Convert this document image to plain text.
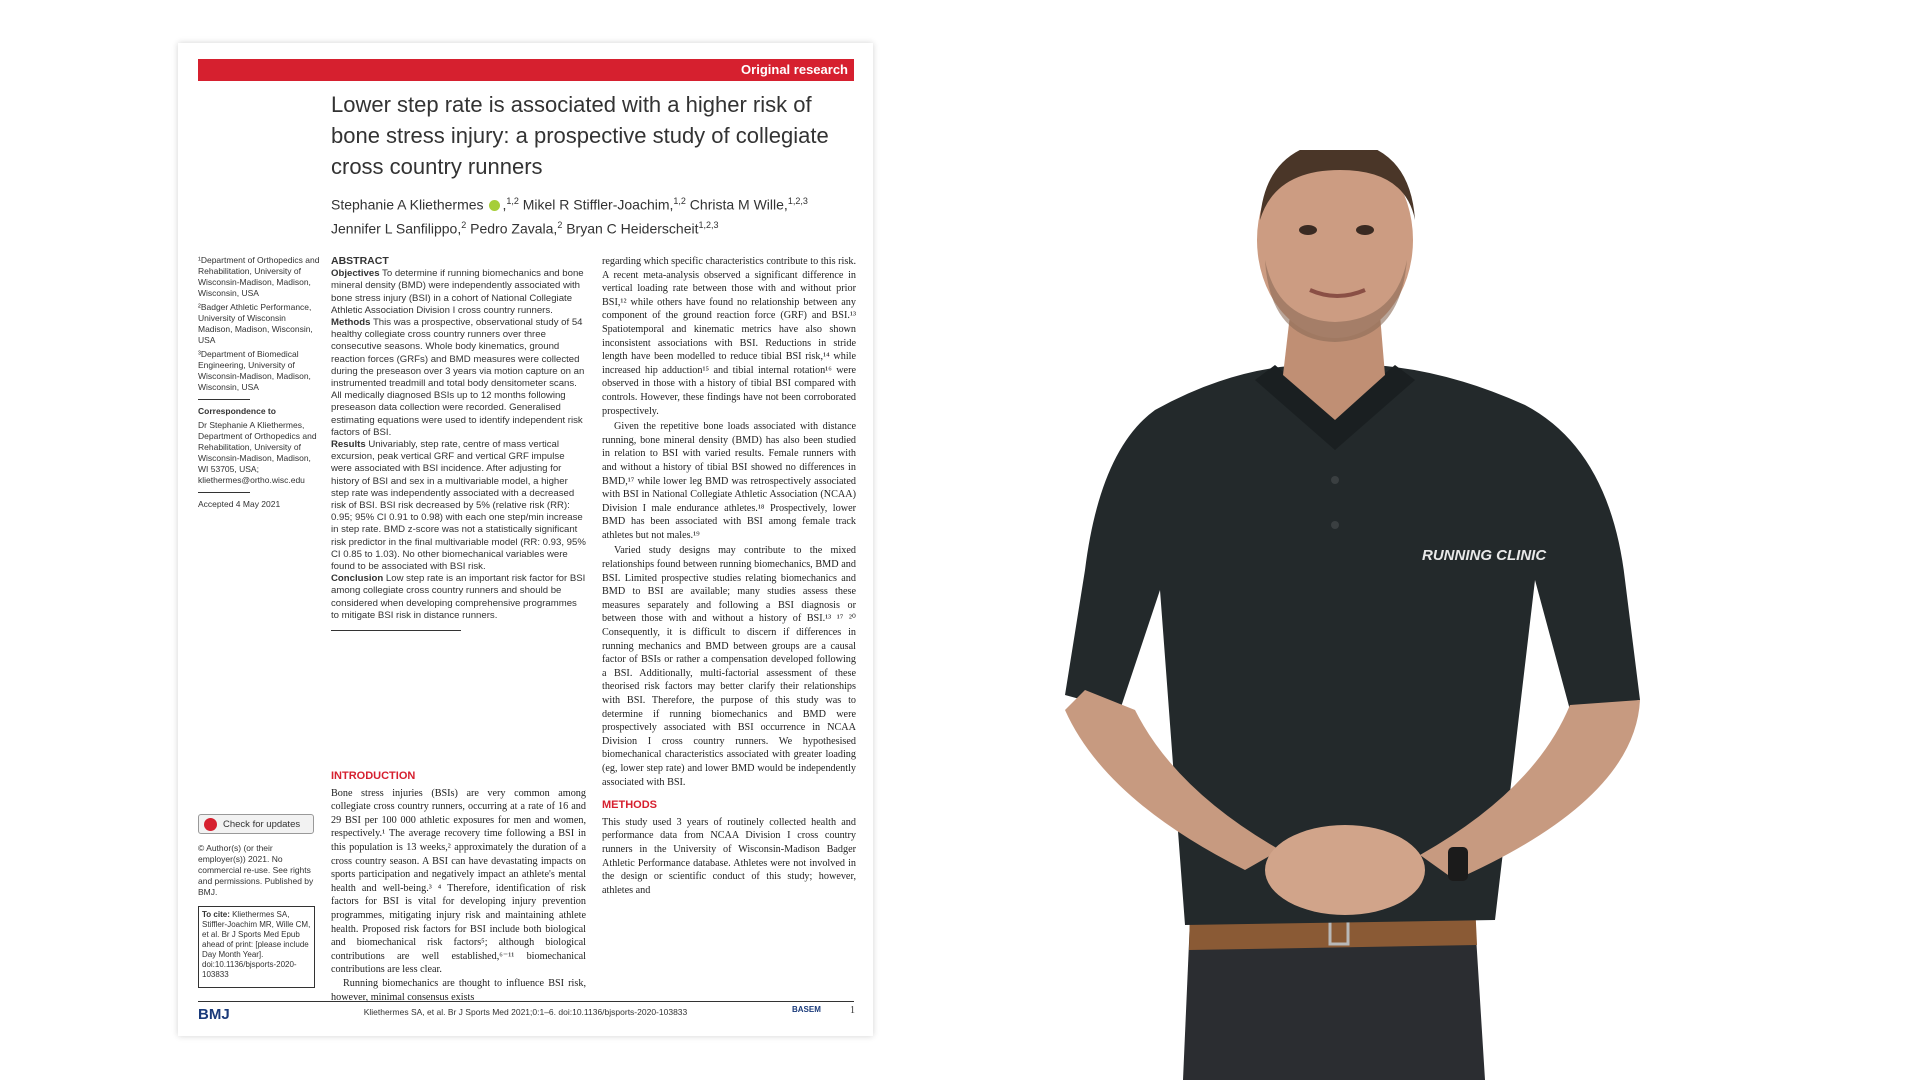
Original research
Lower step rate is associated with a higher risk of bone stress injury: a prospective study of collegiate cross country runners
Stephanie A Kliethermes ,$^{1,2}$ Mikel R Stiffler-Joachim,$^{1,2}$ Christa M Wille,$^{1,2,3}$
Jennifer L Sanfilippo,$^2$ Pedro Zavala,$^2$ Bryan C Heiderscheit$^{1,2,3}$

¹Department of Orthopedics and Rehabilitation, University of Wisconsin-Madison, Madison, Wisconsin, USA

²Badger Athletic Performance, University of Wisconsin Madison, Madison, Wisconsin, USA

³Department of Biomedical Engineering, University of Wisconsin-Madison, Madison, Wisconsin, USA

Correspondence to

Dr Stephanie A Kliethermes, Department of Orthopedics and Rehabilitation, University of Wisconsin-Madison, Madison, WI 53705, USA; kliethermes@ortho.wisc.edu

Accepted 4 May 2021

Check for updates

© Author(s) (or their employer(s)) 2021. No commercial re-use. See rights and permissions. Published by BMJ.

To cite: Kliethermes SA, Stiffler-Joachim MR, Wille CM, et al. Br J Sports Med Epub ahead of print: [please include Day Month Year]. doi:10.1136/bjsports-2020-103833
ABSTRACT

Objectives To determine if running biomechanics and bone mineral density (BMD) were independently associated with bone stress injury (BSI) in a cohort of National Collegiate Athletic Association Division I cross country runners.

Methods This was a prospective, observational study of 54 healthy collegiate cross country runners over three consecutive seasons. Whole body kinematics, ground reaction forces (GRFs) and BMD measures were collected during the preseason over 3 years via motion capture on an instrumented treadmill and total body densitometer scans. All medically diagnosed BSIs up to 12 months following preseason data collection were recorded. Generalised estimating equations were used to identify independent risk factors of BSI.

Results Univariably, step rate, centre of mass vertical excursion, peak vertical GRF and vertical GRF impulse were associated with BSI incidence. After adjusting for history of BSI and sex in a multivariable model, a higher step rate was independently associated with a decreased risk of BSI. BSI risk decreased by 5% (relative risk (RR): 0.95; 95% CI 0.91 to 0.98) with each one step/min increase in step rate. BMD z-score was not a statistically significant risk predictor in the final multivariable model (RR: 0.93, 95% CI 0.85 to 1.03). No other biomechanical variables were found to be associated with BSI risk.

Conclusion Low step rate is an important risk factor for BSI among collegiate cross country runners and should be considered when developing comprehensive programmes to mitigate BSI risk in distance runners.

INTRODUCTION

Bone stress injuries (BSIs) are very common among collegiate cross country runners, occurring at a rate of 16 and 29 BSI per 100 000 athletic exposures for men and women, respectively.¹ The average recovery time following a BSI in this population is 13 weeks,² approximately the duration of a cross country season. A BSI can have devastating impacts on sports participation and negatively impact an athlete's mental health and well-being.³ ⁴ Therefore, identification of risk factors for BSI is vital for developing injury prevention programmes, mitigating injury risk and maintaining athlete health. Proposed risk factors for BSI include both biological and biomechanical risk factors⁵; although biological contributions are well established,⁶⁻¹¹ biomechanical contributions are less clear.

Running biomechanics are thought to influence BSI risk, however, minimal consensus exists

regarding which specific characteristics contribute to this risk. A recent meta-analysis observed a significant difference in vertical loading rate between those with and without prior BSI,¹² while others have found no relationship between any component of the ground reaction force (GRF) and BSI.¹³ Spatiotemporal and kinematic metrics have also shown inconsistent associations with BSI. Reductions in stride length have been modelled to reduce tibial BSI risk,¹⁴ while increased hip adduction¹⁵ and tibial internal rotation¹⁶ were observed in those with a history of tibial BSI compared with controls. However, these findings have not been corroborated prospectively.

Given the repetitive bone loads associated with distance running, bone mineral density (BMD) has also been studied in relation to BSI with varied results. Female runners with and without a history of tibial BSI showed no differences in BMD,¹⁷ while lower leg BMD was retrospectively associated with BSI in National Collegiate Athletic Association (NCAA) Division I male endurance athletes.¹⁸ Prospectively, lower BMD has been associated with BSI among female track athletes but not males.¹⁹

Varied study designs may contribute to the mixed relationships found between running biomechanics, BMD and BSI. Limited prospective studies relating biomechanics and BMD to BSI are available; many studies assess these measures separately and following a BSI diagnosis or between those with and without a history of BSI.¹³ ¹⁷ ²⁰ Consequently, it is difficult to discern if differences in running mechanics and BMD between groups are a causal factor of BSIs or rather a compensation developed following a BSI. Additionally, multi-factorial assessment of these theorised risk factors may better clarify their relationships with BSI. Therefore, the purpose of this study was to determine if running biomechanics and BMD were prospectively associated with BSI occurrence in NCAA Division I cross country runners. We hypothesised biomechanical characteristics associated with greater loading (eg, lower step rate) and lower BMD would be independently associated with BSI.

METHODS

This study used 3 years of routinely collected health and performance data from NCAA Division I cross country runners in the University of Wisconsin-Madison Badger Athletic Performance database. Athletes were not involved in the design or scientific conduct of this study; however, athletes and

BMJ	Kliethermes SA, et al. Br J Sports Med 2021;0:1–6. doi:10.1136/bjsports-2020-103833	BASEM	1
RUNNING CLINIC
